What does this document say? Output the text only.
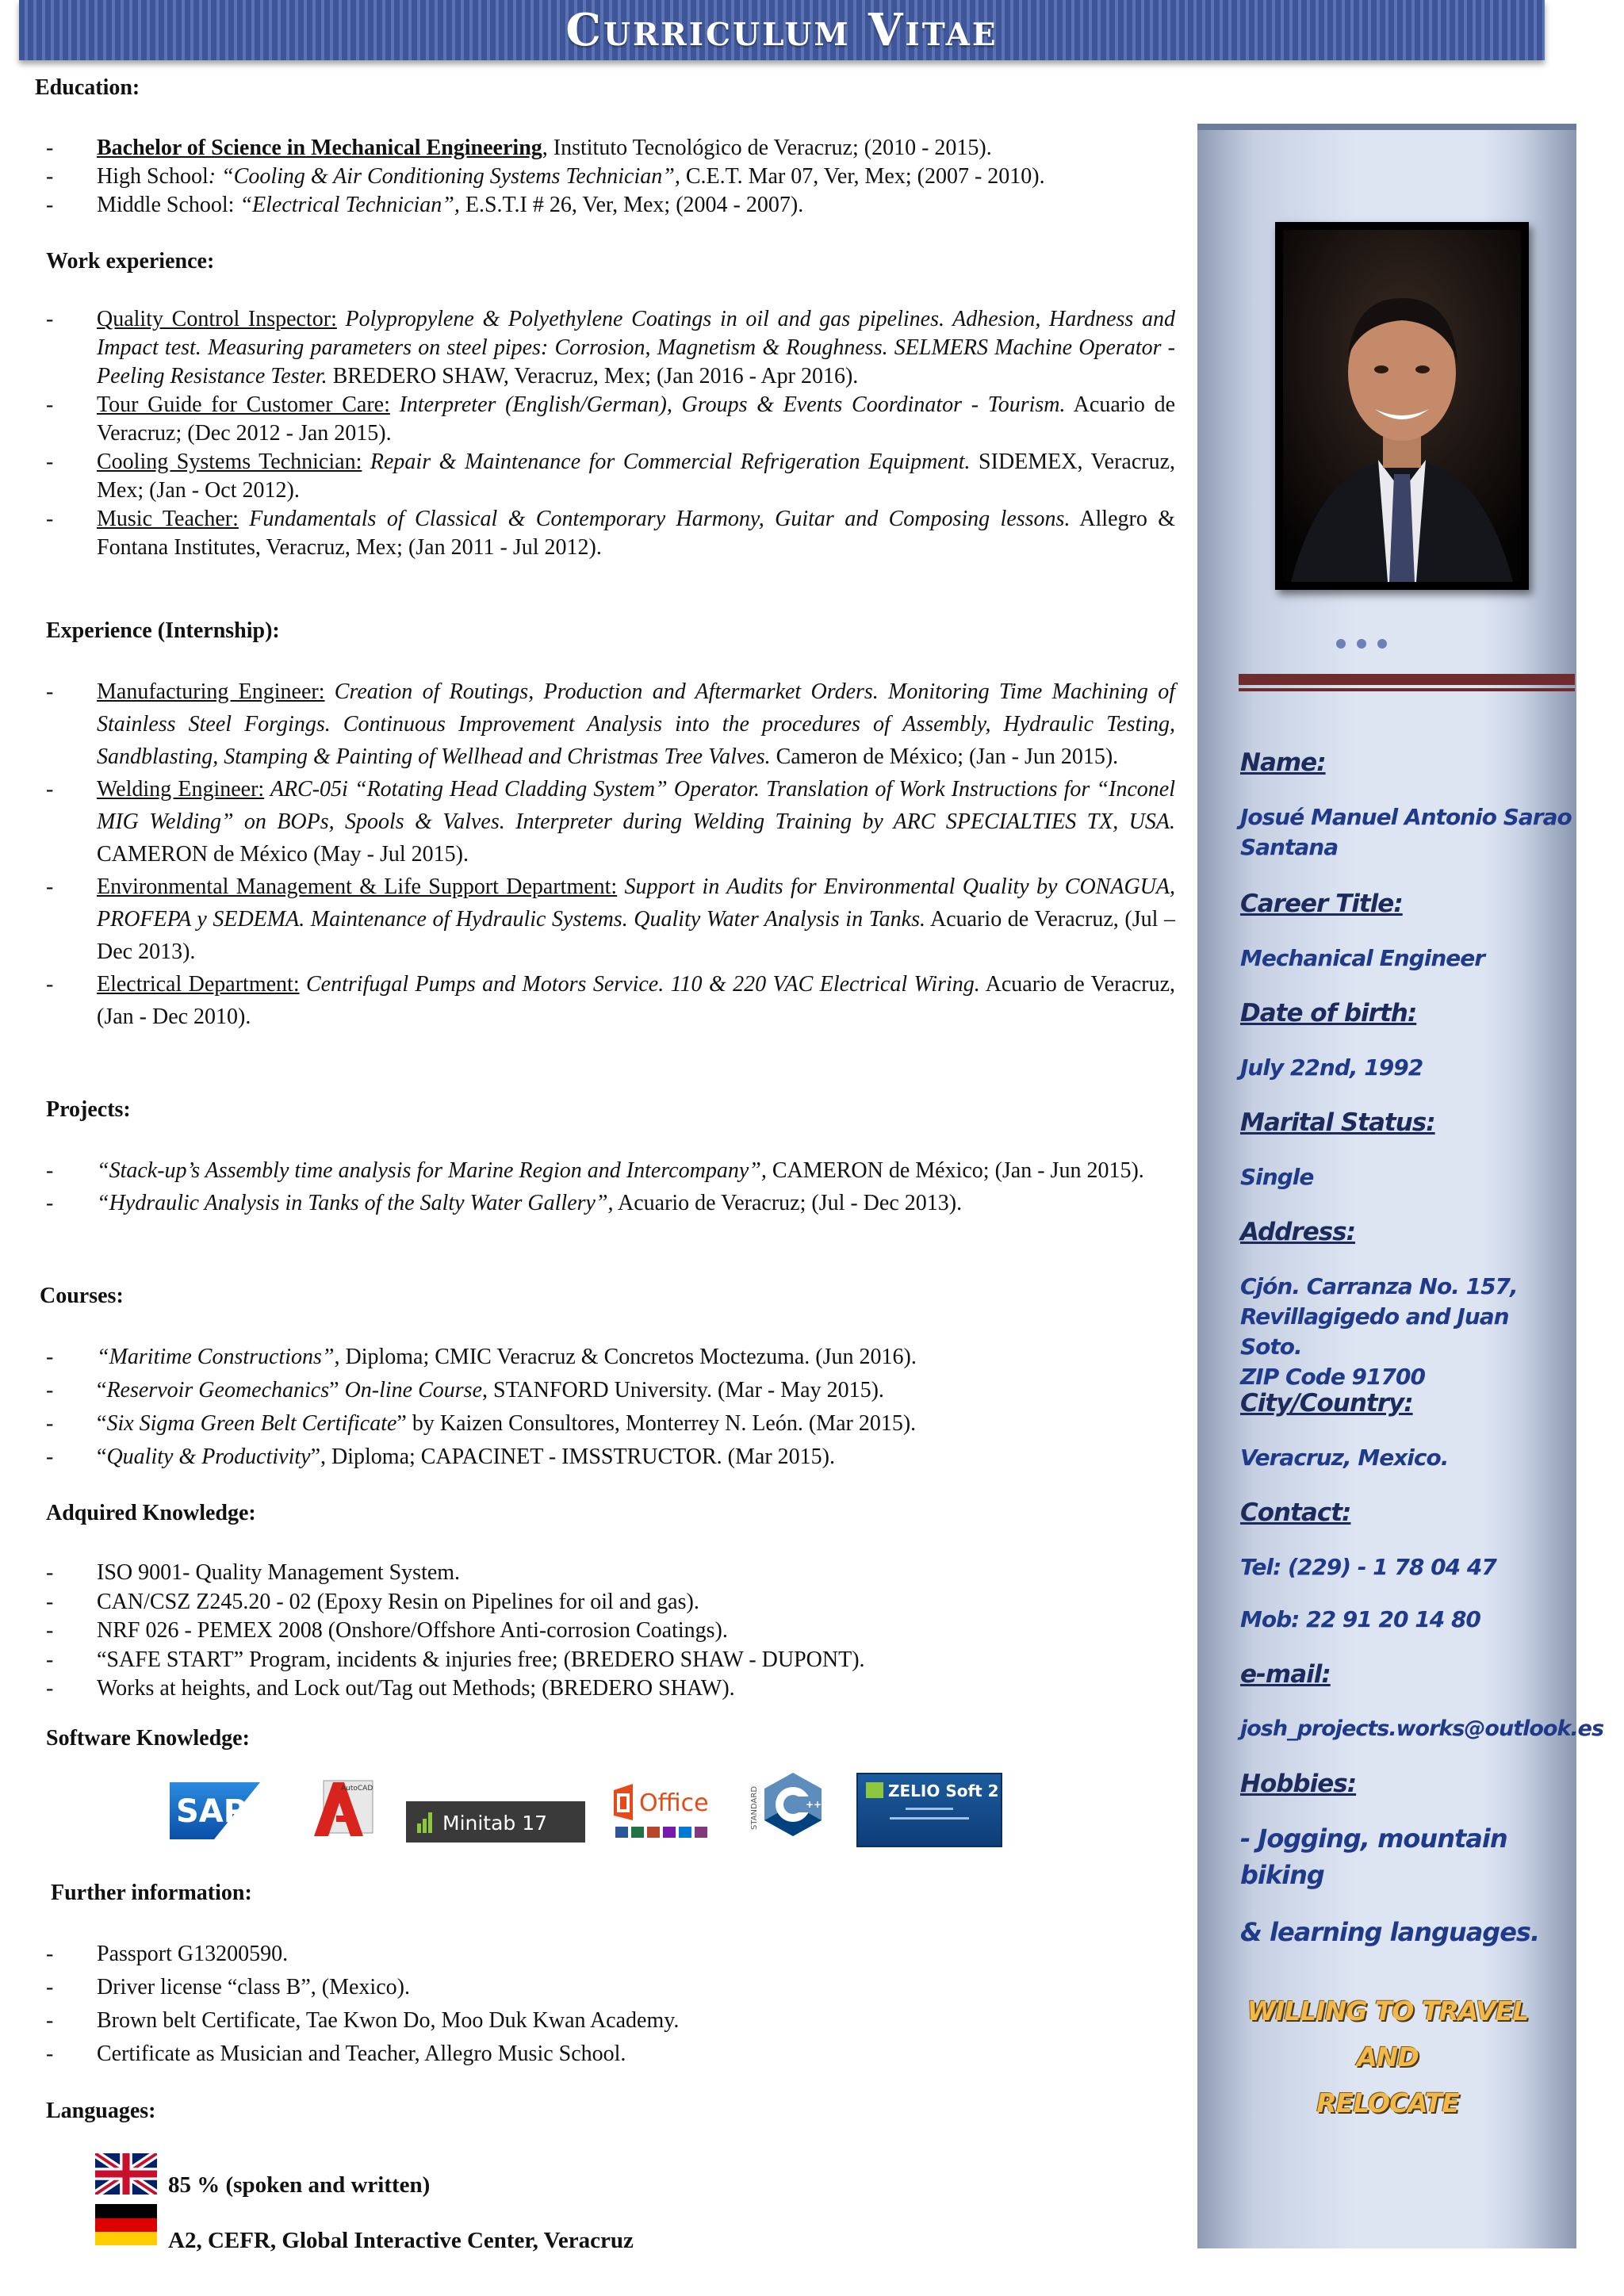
Curriculum Vitae
Education:
- Bachelor of Science in Mechanical Engineering, Instituto Tecnológico de Veracruz; (2010 - 2015).
- High School: “Cooling & Air Conditioning Systems Technician”, C.E.T. Mar 07, Ver, Mex; (2007 - 2010).
- Middle School: “Electrical Technician”, E.S.T.I # 26, Ver, Mex; (2004 - 2007).
Work experience:
- Quality Control Inspector: Polypropylene & Polyethylene Coatings in oil and gas pipelines. Adhesion, Hardness and Impact test. Measuring parameters on steel pipes: Corrosion, Magnetism & Roughness. SELMERS Machine Operator - Peeling Resistance Tester. BREDERO SHAW, Veracruz, Mex; (Jan 2016 - Apr 2016).
- Tour Guide for Customer Care: Interpreter (English/German), Groups & Events Coordinator - Tourism. Acuario de Veracruz; (Dec 2012 - Jan 2015).
- Cooling Systems Technician: Repair & Maintenance for Commercial Refrigeration Equipment. SIDEMEX, Veracruz, Mex; (Jan - Oct 2012).
- Music Teacher: Fundamentals of Classical & Contemporary Harmony, Guitar and Composing lessons. Allegro & Fontana Institutes, Veracruz, Mex; (Jan 2011 - Jul 2012).
Experience (Internship):
- Manufacturing Engineer: Creation of Routings, Production and Aftermarket Orders. Monitoring Time Machining of Stainless Steel Forgings. Continuous Improvement Analysis into the procedures of Assembly, Hydraulic Testing, Sandblasting, Stamping & Painting of Wellhead and Christmas Tree Valves. Cameron de México; (Jan - Jun 2015).
- Welding Engineer: ARC-05i “Rotating Head Cladding System” Operator. Translation of Work Instructions for “Inconel MIG Welding” on BOPs, Spools & Valves. Interpreter during Welding Training by ARC SPECIALTIES TX, USA. CAMERON de México (May - Jul 2015).
- Environmental Management & Life Support Department: Support in Audits for Environmental Quality by CONAGUA, PROFEPA y SEDEMA. Maintenance of Hydraulic Systems. Quality Water Analysis in Tanks. Acuario de Veracruz, (Jul – Dec 2013).
- Electrical Department: Centrifugal Pumps and Motors Service. 110 & 220 VAC Electrical Wiring. Acuario de Veracruz, (Jan - Dec 2010).
Projects:
- “Stack-up’s Assembly time analysis for Marine Region and Intercompany”, CAMERON de México; (Jan - Jun 2015).
- “Hydraulic Analysis in Tanks of the Salty Water Gallery”, Acuario de Veracruz; (Jul - Dec 2013).
Courses:
- “Maritime Constructions”, Diploma; CMIC Veracruz & Concretos Moctezuma. (Jun 2016).
- “Reservoir Geomechanics” On-line Course, STANFORD University. (Mar - May 2015).
- “Six Sigma Green Belt Certificate” by Kaizen Consultores, Monterrey N. León. (Mar 2015).
- “Quality & Productivity”, Diploma; CAPACINET - IMSSTRUCTOR. (Mar 2015).
Adquired Knowledge:
- ISO 9001- Quality Management System.
- CAN/CSZ Z245.20 - 02 (Epoxy Resin on Pipelines for oil and gas).
- NRF 026 - PEMEX 2008 (Onshore/Offshore Anti-corrosion Coatings).
- “SAFE START” Program, incidents & injuries free; (BREDERO SHAW - DUPONT).
- Works at heights, and Lock out/Tag out Methods; (BREDERO SHAW).
Software Knowledge:
SAP
AutoCAD
Minitab 17
Office	STANDARD	++
ZELIO Soft 2
Further information:
- Passport G13200590.
- Driver license “class B”, (Mexico).
- Brown belt Certificate, Tae Kwon Do, Moo Duk Kwan Academy.
- Certificate as Musician and Teacher, Allegro Music School.
Languages:
85 % (spoken and written)
A2, CEFR, Global Interactive Center, Veracruz
Name:
Josué Manuel Antonio Sarao
Santana
Career Title:
Mechanical Engineer
Date of birth:
July 22nd, 1992
Marital Status:
Single
Address:
Cjón. Carranza No. 157,
Revillagigedo and Juan Soto.
ZIP Code 91700
City/Country:
Veracruz, Mexico.
Contact:
Tel: (229) - 1 78 04 47
Mob: 22 91 20 14 80
e-mail:
josh_projects.works@outlook.es
Hobbies:
- Jogging, mountain biking
& learning languages.
WILLING TO TRAVEL AND
RELOCATE
